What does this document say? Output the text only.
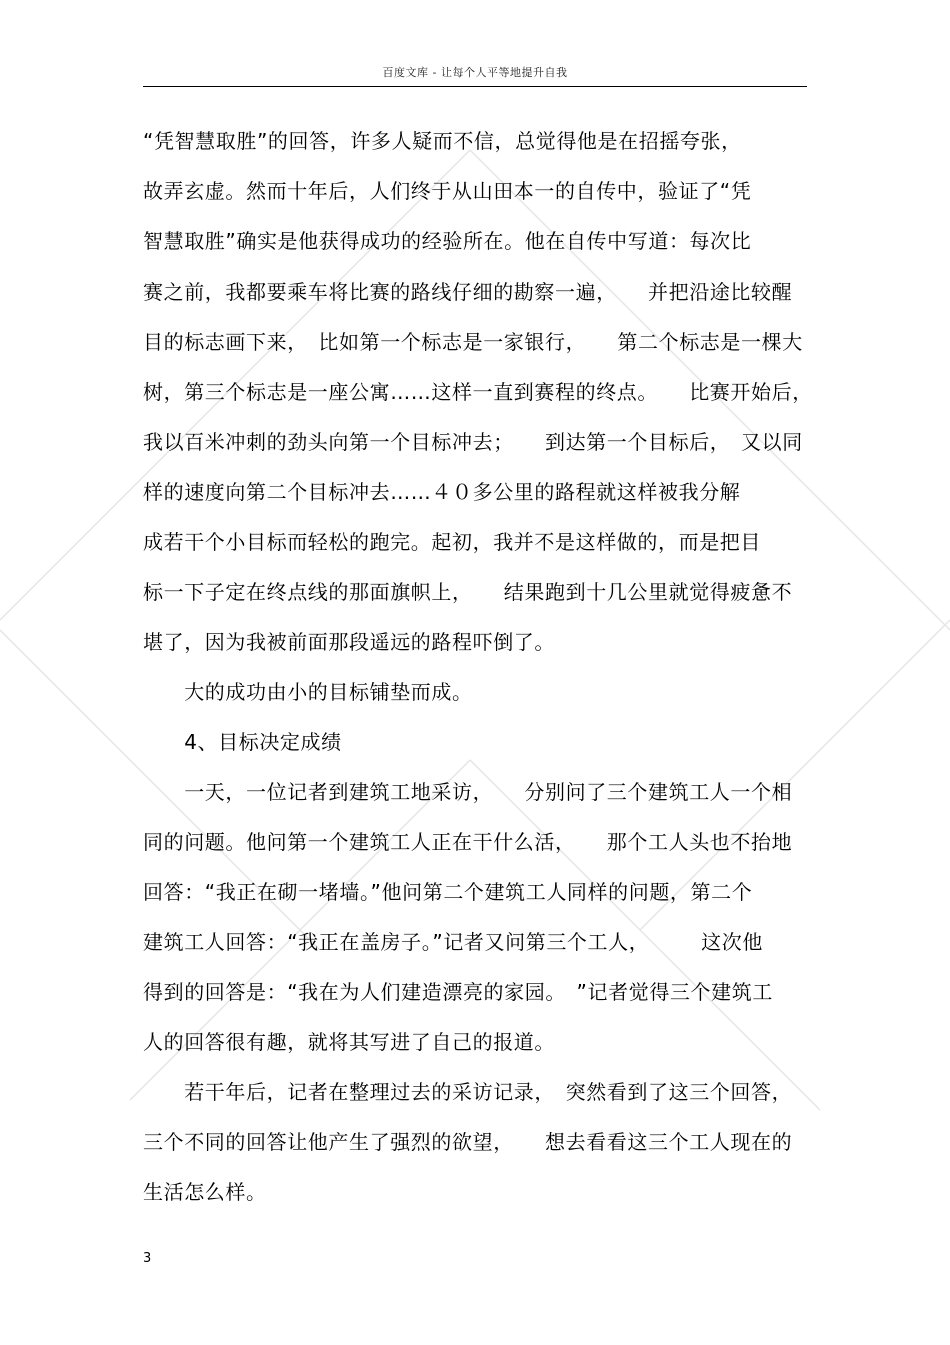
百度文库 - 让每个人平等地提升自我
“凭智慧取胜”的回答，许多人疑而不信，总觉得他是在招摇夸张，
故弄玄虚。然而十年后，人们终于从山田本一的自传中，验证了“凭
智慧取胜”确实是他获得成功的经验所在。他在自传中写道：每次比
赛之前，我都要乘车将比赛的路线仔细的勘察一遍，　　并把沿途比较醒
目的标志画下来，　比如第一个标志是一家银行，　　第二个标志是一棵大
树，第三个标志是一座公寓……这样一直到赛程的终点。　　比赛开始后，
我以百米冲刺的劲头向第一个目标冲去；　　到达第一个目标后，　又以同
样的速度向第二个目标冲去……４０多公里的路程就这样被我分解
成若干个小目标而轻松的跑完。起初，我并不是这样做的，而是把目
标一下子定在终点线的那面旗帜上，　　结果跑到十几公里就觉得疲惫不
堪了，因为我被前面那段遥远的路程吓倒了。
　　大的成功由小的目标铺垫而成。
　　4、目标决定成绩
　　一天，一位记者到建筑工地采访，　　分别问了三个建筑工人一个相
同的问题。他问第一个建筑工人正在干什么活，　　那个工人头也不抬地
回答：“我正在砌一堵墙。”他问第二个建筑工人同样的问题，第二个
建筑工人回答：“我正在盖房子。”记者又问第三个工人，　　　这次他
得到的回答是：“我在为人们建造漂亮的家园。　”记者觉得三个建筑工
人的回答很有趣，就将其写进了自己的报道。
　　若干年后，记者在整理过去的采访记录，　突然看到了这三个回答，
三个不同的回答让他产生了强烈的欲望，　　想去看看这三个工人现在的
生活怎么样。
3
